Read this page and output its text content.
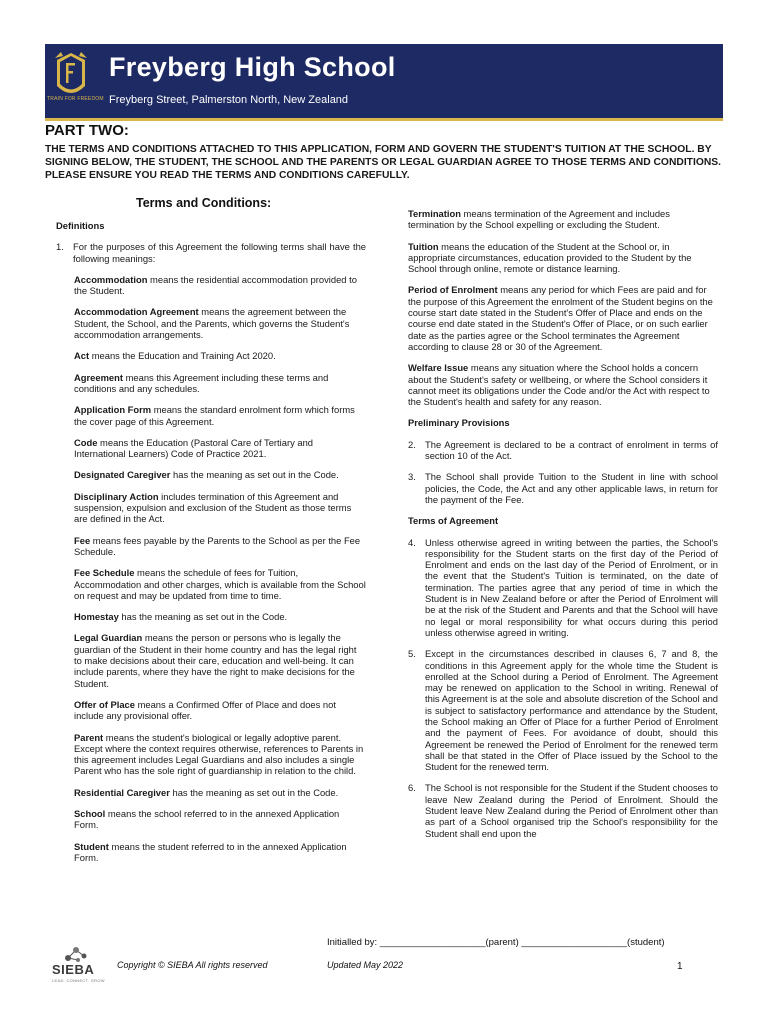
TRAIN FOR FREEDOM
Freyberg High School
Freyberg Street, Palmerston North, New Zealand
PART TWO:
THE TERMS AND CONDITIONS ATTACHED TO THIS APPLICATION, FORM AND GOVERN THE STUDENT'S TUITION AT THE SCHOOL. BY SIGNING BELOW, THE STUDENT, THE SCHOOL AND THE PARENTS OR LEGAL GUARDIAN AGREE TO THOSE TERMS AND CONDITIONS. PLEASE ENSURE YOU READ THE TERMS AND CONDITIONS CAREFULLY.
Terms and Conditions:
Definitions
1. For the purposes of this Agreement the following terms shall have the following meanings:
Accommodation means the residential accommodation provided to the Student.
Accommodation Agreement means the agreement between the Student, the School, and the Parents, which governs the Student's accommodation arrangements.
Act means the Education and Training Act 2020.
Agreement means this Agreement including these terms and conditions and any schedules.
Application Form means the standard enrolment form which forms the cover page of this Agreement.
Code means the Education (Pastoral Care of Tertiary and International Learners) Code of Practice 2021.
Designated Caregiver has the meaning as set out in the Code.
Disciplinary Action includes termination of this Agreement and suspension, expulsion and exclusion of the Student as those terms are defined in the Act.
Fee means fees payable by the Parents to the School as per the Fee Schedule.
Fee Schedule means the schedule of fees for Tuition, Accommodation and other charges, which is available from the School on request and may be updated from time to time.
Homestay has the meaning as set out in the Code.
Legal Guardian means the person or persons who is legally the guardian of the Student in their home country and has the legal right to make decisions about their care, education and well-being. It can include parents, where they have the right to make decisions for the Student.
Offer of Place means a Confirmed Offer of Place and does not include any provisional offer.
Parent means the student's biological or legally adoptive parent. Except where the context requires otherwise, references to Parents in this agreement includes Legal Guardians and also includes a single Parent who has the sole right of guardianship in relation to the child.
Residential Caregiver has the meaning as set out in the Code.
School means the school referred to in the annexed Application Form.
Student means the student referred to in the annexed Application Form.
Termination means termination of the Agreement and includes termination by the School expelling or excluding the Student.
Tuition means the education of the Student at the School or, in appropriate circumstances, education provided to the Student by the School through online, remote or distance learning.
Period of Enrolment means any period for which Fees are paid and for the purpose of this Agreement the enrolment of the Student begins on the course start date stated in the Student's Offer of Place and ends on the course end date stated in the Student's Offer of Place, or on such earlier date as the parties agree or the School terminates the Agreement according to clause 28 or 30 of the Agreement.
Welfare Issue means any situation where the School holds a concern about the Student's safety or wellbeing, or where the School considers it cannot meet its obligations under the Code and/or the Act with respect to the Student's health and safety for any reason.
Preliminary Provisions
2. The Agreement is declared to be a contract of enrolment in terms of section 10 of the Act.
3. The School shall provide Tuition to the Student in line with school policies, the Code, the Act and any other applicable laws, in return for the payment of the Fee.
Terms of Agreement
4. Unless otherwise agreed in writing between the parties, the School's responsibility for the Student starts on the first day of the Period of Enrolment and ends on the last day of the Period of Enrolment, or in the event that the Student's Tuition is terminated, on the date of termination. The parties agree that any period of time in which the Student is in New Zealand before or after the Period of Enrolment will be at the risk of the Student and Parents and that the School will have no legal or moral responsibility for what occurs during this period unless otherwise agreed in writing.
5. Except in the circumstances described in clauses 6, 7 and 8, the conditions in this Agreement apply for the whole time the Student is enrolled at the School during a Period of Enrolment. The Agreement may be renewed on application to the School in writing. Renewal of this Agreement is at the sole and absolute discretion of the School and is subject to satisfactory performance and attendance by the Student, the School making an Offer of Place for a further Period of Enrolment and the payment of Fees. For avoidance of doubt, should this Agreement be renewed the Period of Enrolment for the renewed term shall be that stated in the Offer of Place issued by the School to the Student for the renewed term.
6. The School is not responsible for the Student if the Student chooses to leave New Zealand during the Period of Enrolment. Should the Student leave New Zealand during the Period of Enrolment other than as part of a School organised trip the School's responsibility for the Student shall end upon the
Initialled by: ____________________(parent) ____________________(student)
SIEBA
LEAD. CONNECT. GROW
Copyright © SIEBA All rights reserved	Updated May 2022	1
